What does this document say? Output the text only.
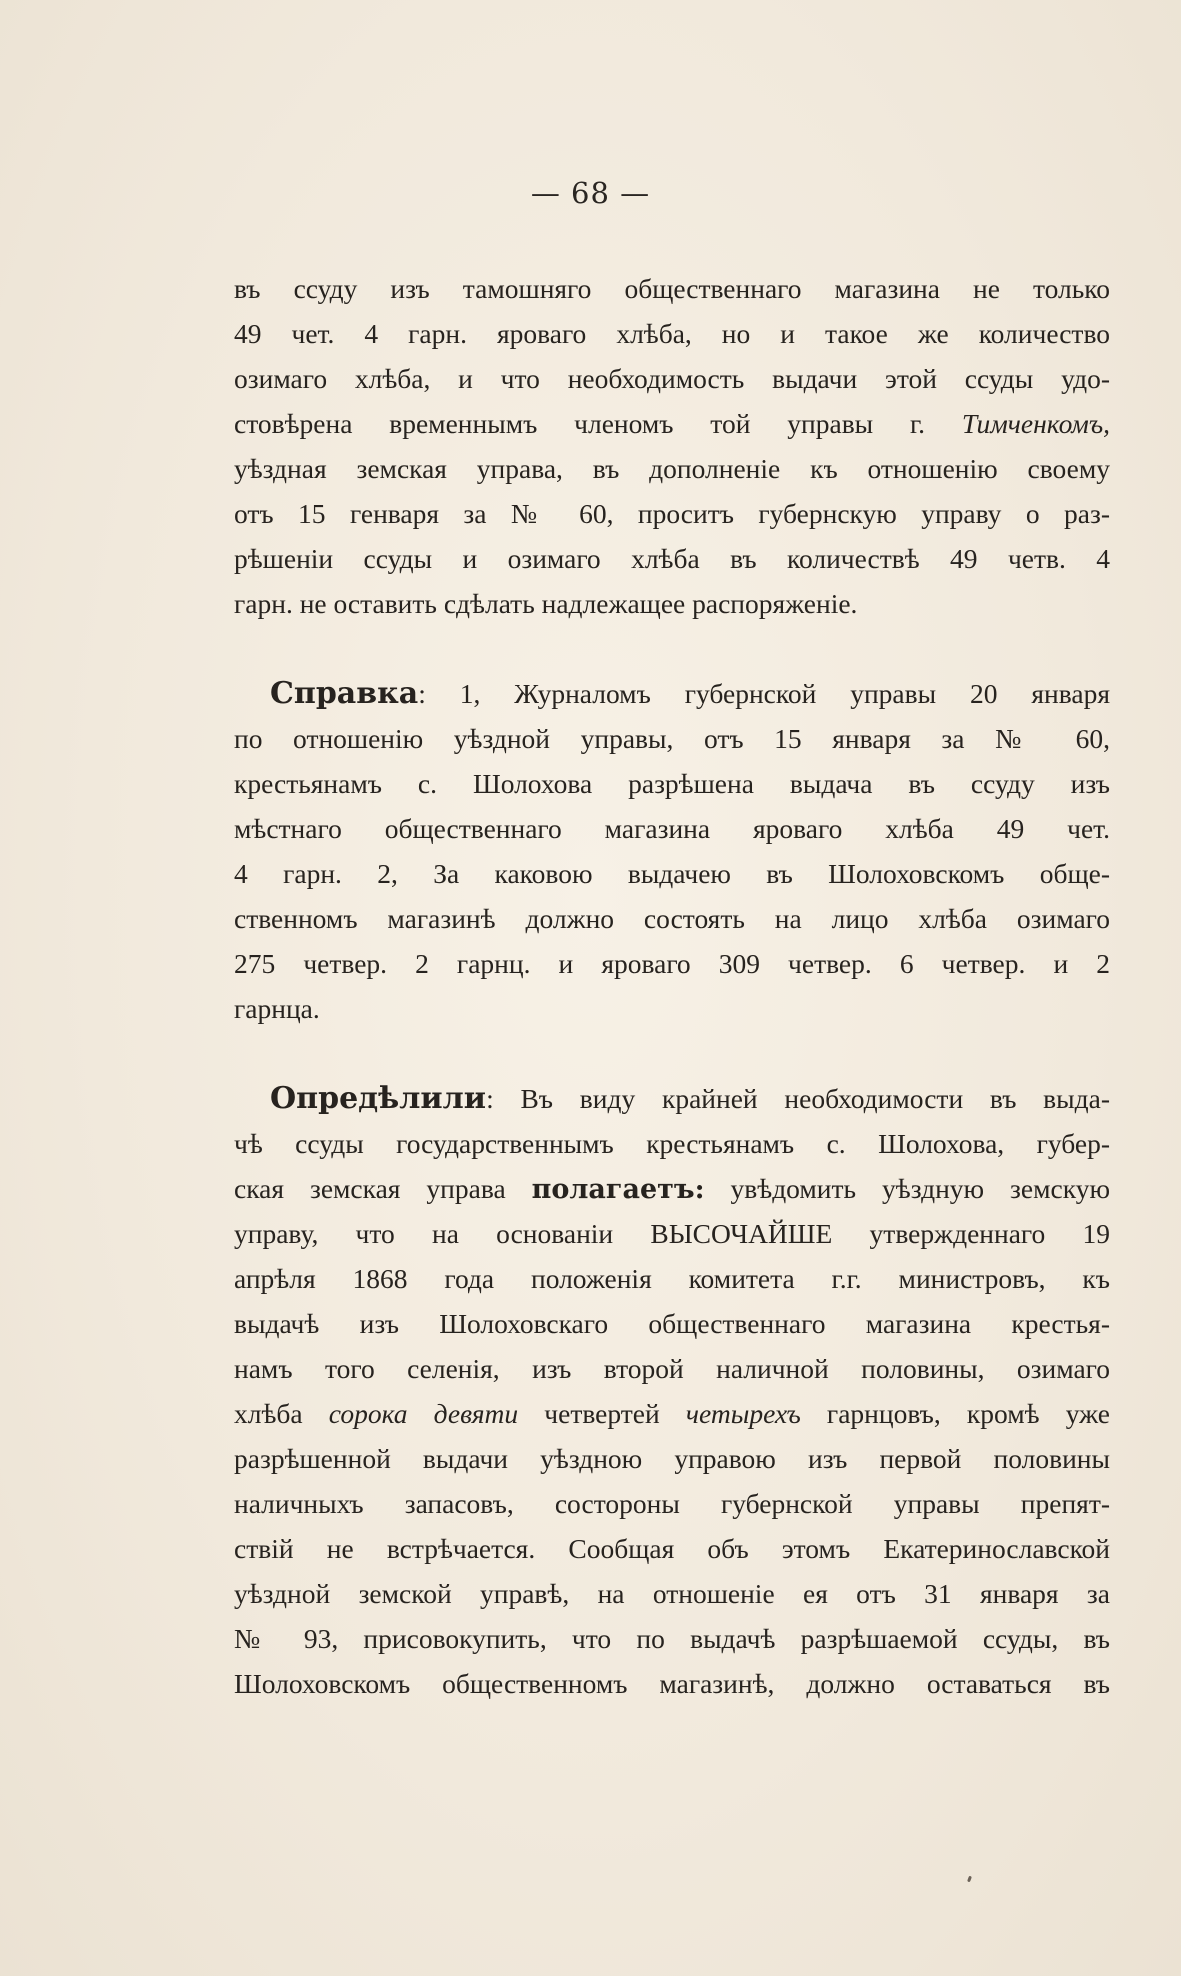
— 68 —
въ ссуду изъ тамошняго общественнаго магазина не только
49 чет. 4 гарн. яроваго хлѣба, но и такое же количество
озимаго хлѣба, и что необходимость выдачи этой ссуды удо-
стовѣрена временнымъ членомъ той управы г. Тимченкомъ,
уѣздная земская управа, въ дополненіе къ отношенію своему
отъ 15 генваря за № 60, проситъ губернскую управу о раз-
рѣшеніи ссуды и озимаго хлѣба въ количествѣ 49 четв. 4
гарн. не оставить сдѣлать надлежащее распоряженіе.
Справка: 1, Журналомъ губернской управы 20 января
по отношенію уѣздной управы, отъ 15 января за № 60,
крестьянамъ с. Шолохова разрѣшена выдача въ ссуду изъ
мѣстнаго общественнаго магазина яроваго хлѣба 49 чет.
4 гарн. 2, За каковою выдачею въ Шолоховскомъ обще-
ственномъ магазинѣ должно состоять на лицо хлѣба озимаго
275 четвер. 2 гарнц. и яроваго 309 четвер. 6 четвер. и 2
гарнца.
Опредѣлили: Въ виду крайней необходимости въ выда-
чѣ ссуды государственнымъ крестьянамъ с. Шолохова, губер-
ская земская управа полагаетъ: увѣдомить уѣздную земскую
управу, что на основаніи ВЫСОЧАЙШЕ утвержденнаго 19
апрѣля 1868 года положенія комитета г.г. министровъ, къ
выдачѣ изъ Шолоховскаго общественнаго магазина крестья-
намъ того селенія, изъ второй наличной половины, озимаго
хлѣба сорока девяти четвертей четырехъ гарнцовъ, кромѣ уже
разрѣшенной выдачи уѣздною управою изъ первой половины
наличныхъ запасовъ, состороны губернской управы препят-
ствій не встрѣчается. Сообщая объ этомъ Екатеринославской
уѣздной земской управѣ, на отношеніе ея отъ 31 января за
№ 93, присовокупить, что по выдачѣ разрѣшаемой ссуды, въ
Шолоховскомъ общественномъ магазинѣ, должно оставаться въ
